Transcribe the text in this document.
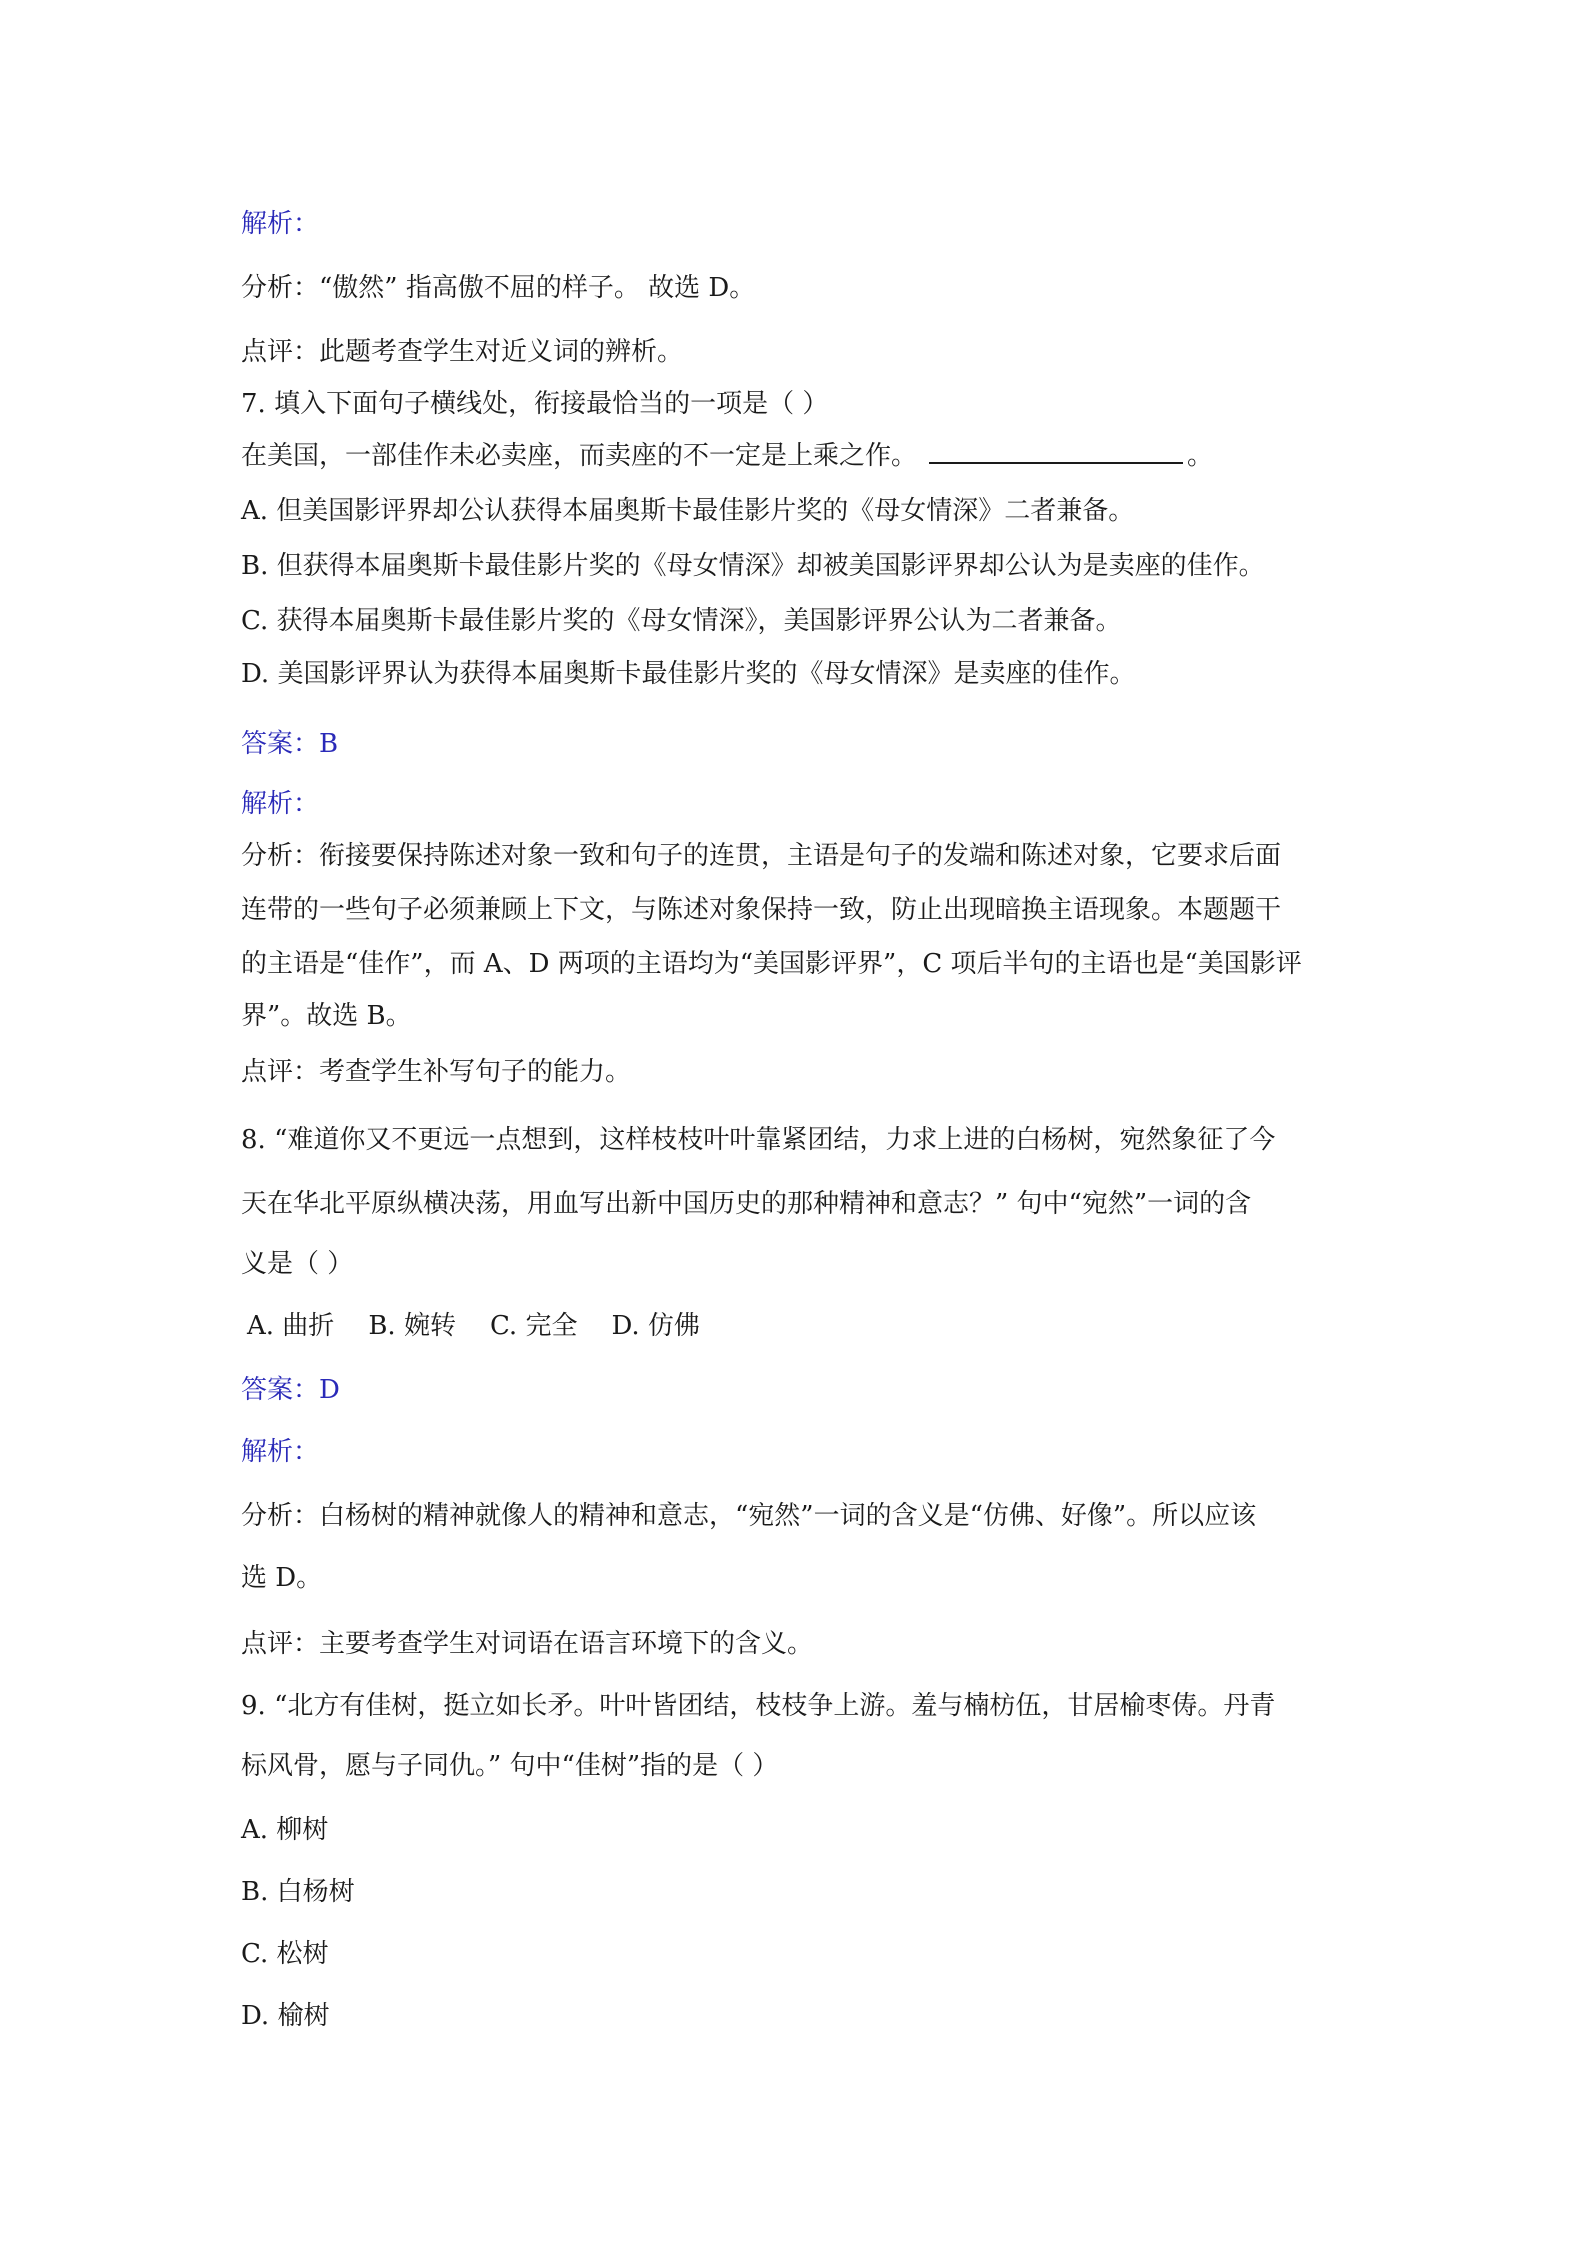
解析：
分析：“傲然” 指高傲不屈的样子。 故选 D。
点评：此题考查学生对近义词的辨析。
7. 填入下面句子横线处，衔接最恰当的一项是（ ）
在美国，一部佳作未必卖座，而卖座的不一定是上乘之作。	。
A. 但美国影评界却公认获得本届奥斯卡最佳影片奖的《母女情深》二者兼备。
B. 但获得本届奥斯卡最佳影片奖的《母女情深》却被美国影评界却公认为是卖座的佳作。
C. 获得本届奥斯卡最佳影片奖的《母女情深》，美国影评界公认为二者兼备。
D. 美国影评界认为获得本届奥斯卡最佳影片奖的《母女情深》是卖座的佳作。
答案：B
解析：
分析：衔接要保持陈述对象一致和句子的连贯，主语是句子的发端和陈述对象，它要求后面
连带的一些句子必须兼顾上下文，与陈述对象保持一致，防止出现暗换主语现象。本题题干
的主语是“佳作”，而 A、D 两项的主语均为“美国影评界”，C 项后半句的主语也是“美国影评
界”。故选 B。
点评：考查学生补写句子的能力。
8. “难道你又不更远一点想到，这样枝枝叶叶靠紧团结，力求上进的白杨树，宛然象征了今
天在华北平原纵横决荡，用血写出新中国历史的那种精神和意志？” 句中“宛然”一词的含
义是（ ）
A. 曲折 B. 婉转 C. 完全 D. 仿佛
答案：D
解析：
分析：白杨树的精神就像人的精神和意志，“宛然”一词的含义是“仿佛、好像”。所以应该
选 D。
点评：主要考查学生对词语在语言环境下的含义。
9. “北方有佳树，挺立如长矛。叶叶皆团结，枝枝争上游。羞与楠枋伍，甘居榆枣俦。丹青
标风骨，愿与子同仇。” 句中“佳树”指的是（ ）
A. 柳树
B. 白杨树
C. 松树
D. 榆树
